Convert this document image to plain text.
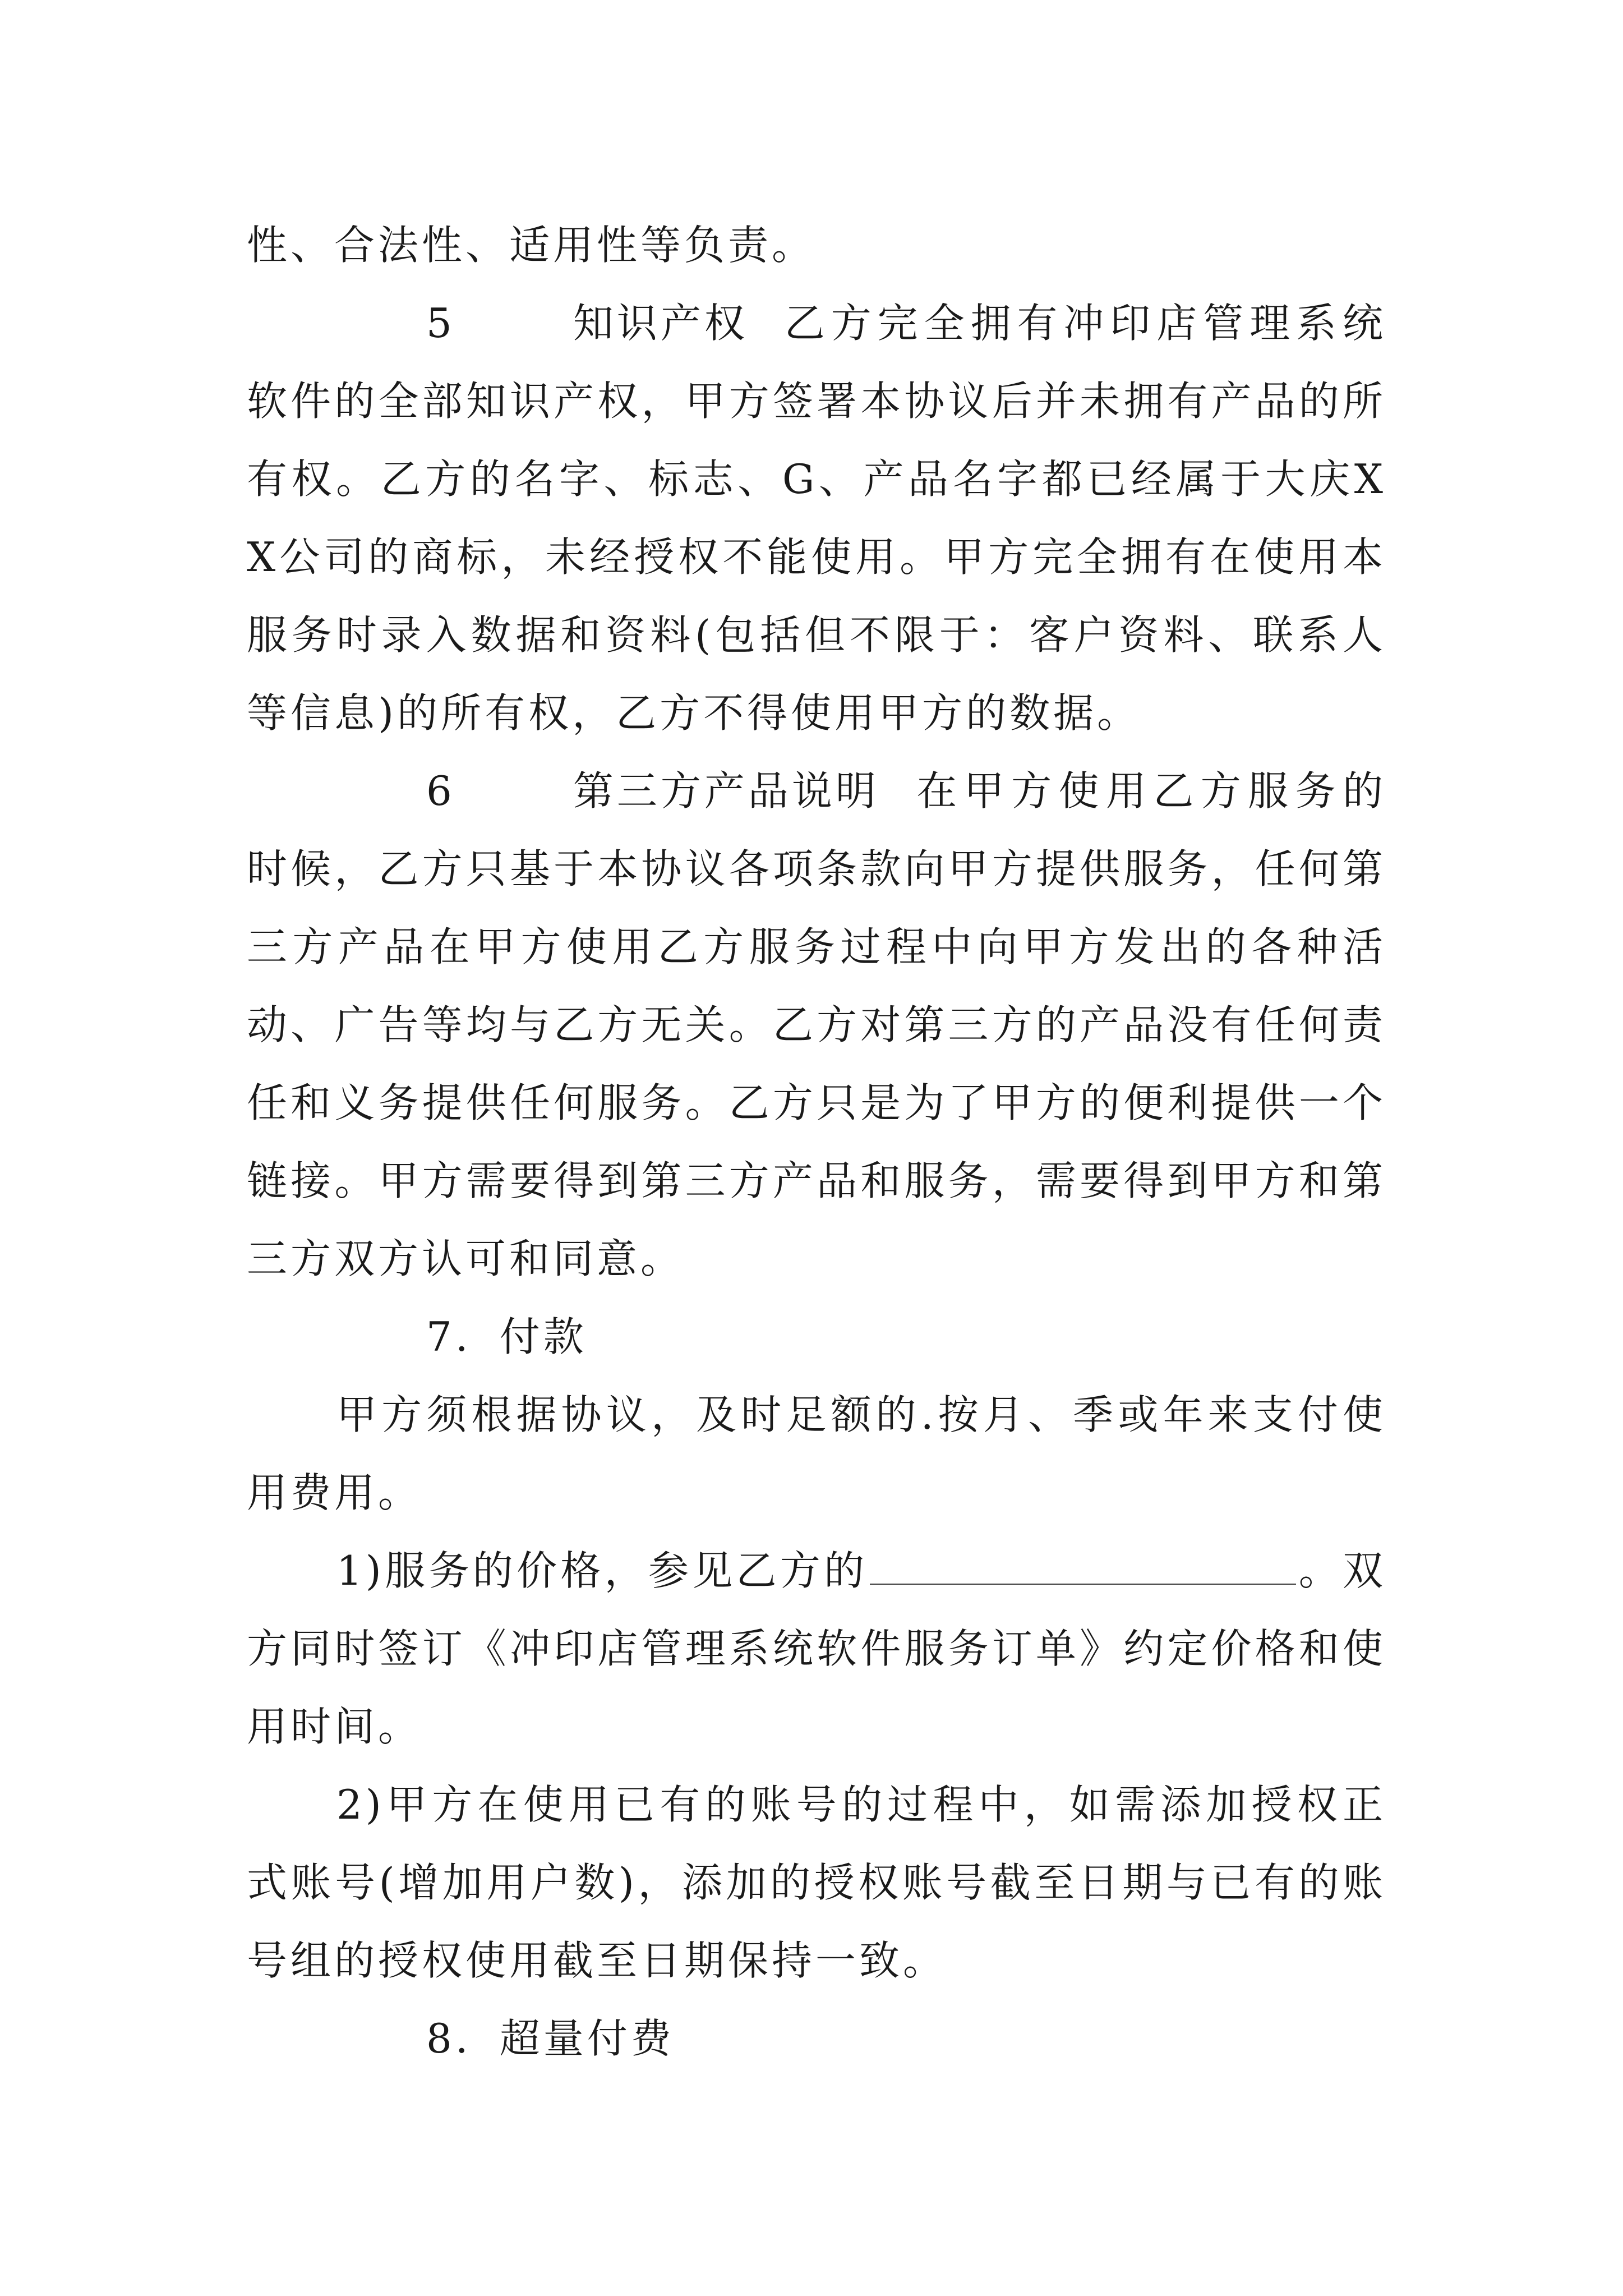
性、合法性、适用性等负责。

5	知识产权 乙方完全拥有冲印店管理系统软件的全部知识产权，甲方签署本协议后并未拥有产品的所有权。乙方的名字、标志、G、产品名字都已经属于大庆XX公司的商标，未经授权不能使用。甲方完全拥有在使用本服务时录入数据和资料(包括但不限于：客户资料、联系人等信息)的所有权，乙方不得使用甲方的数据。

6	第三方产品说明 在甲方使用乙方服务的时候，乙方只基于本协议各项条款向甲方提供服务，任何第三方产品在甲方使用乙方服务过程中向甲方发出的各种活动、广告等均与乙方无关。乙方对第三方的产品没有任何责任和义务提供任何服务。乙方只是为了甲方的便利提供一个链接。甲方需要得到第三方产品和服务，需要得到甲方和第三方双方认可和同意。

7. 付款

甲方须根据协议，及时足额的.按月、季或年来支付使用费用。

1)服务的价格，参见乙方的	。双方同时签订《冲印店管理系统软件服务订单》约定价格和使用时间。

2)甲方在使用已有的账号的过程中，如需添加授权正式账号(增加用户数)，添加的授权账号截至日期与已有的账号组的授权使用截至日期保持一致。

8. 超量付费
